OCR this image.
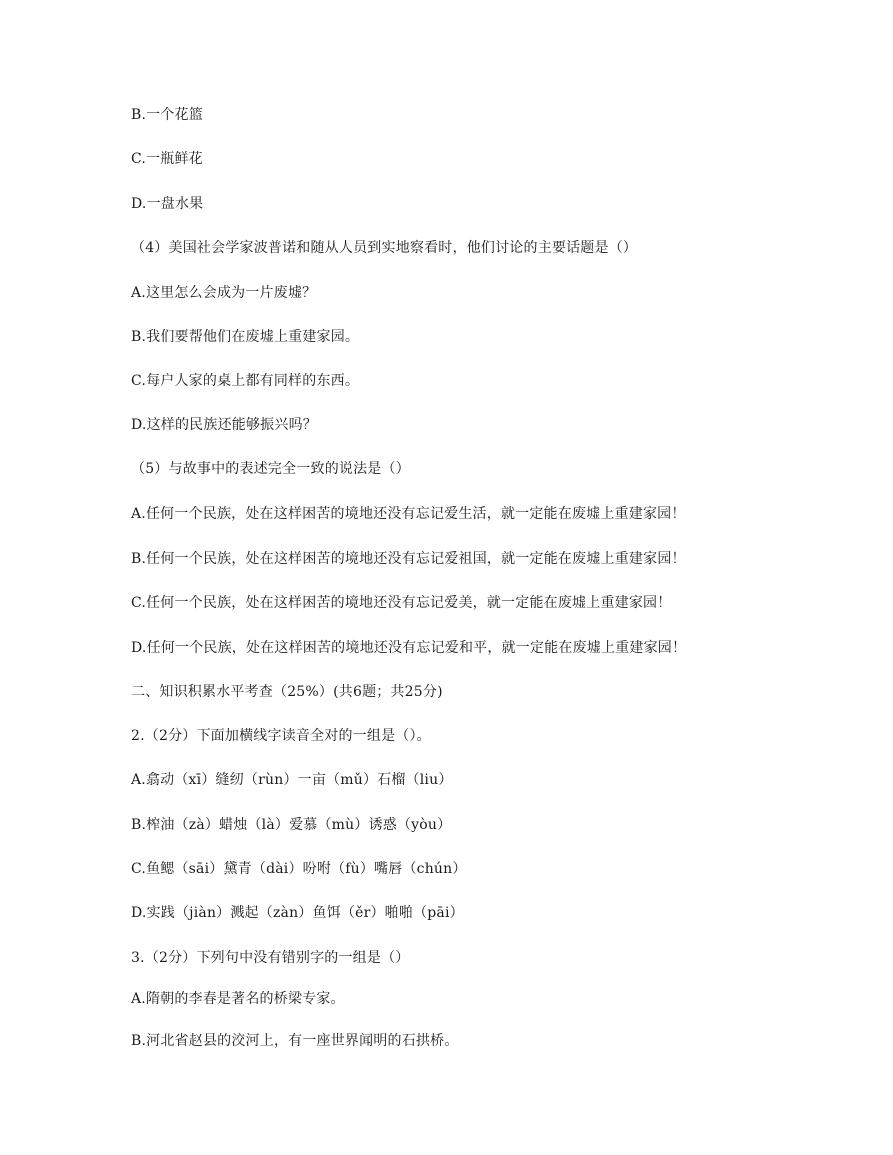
B.一个花篮
C.一瓶鲜花
D.一盘水果
（4）美国社会学家波普诺和随从人员到实地察看时，他们讨论的主要话题是（）
A.这里怎么会成为一片废墟？
B.我们要帮他们在废墟上重建家园。
C.每户人家的桌上都有同样的东西。
D.这样的民族还能够振兴吗？
（5）与故事中的表述完全一致的说法是（）
A.任何一个民族，处在这样困苦的境地还没有忘记爱生活，就一定能在废墟上重建家园！
B.任何一个民族，处在这样困苦的境地还没有忘记爱祖国，就一定能在废墟上重建家园！
C.任何一个民族，处在这样困苦的境地还没有忘记爱美，就一定能在废墟上重建家园！
D.任何一个民族，处在这样困苦的境地还没有忘记爱和平，就一定能在废墟上重建家园！
二、知识积累水平考查（25%）(共6题；共25分)
2.（2分）下面加横线字读音全对的一组是（）。
A.翕动（xī）缝纫（rùn）一亩（mǔ）石榴（liu）
B.榨油（zà）蜡烛（là）爱慕（mù）诱惑（yòu）
C.鱼鳃（sāi）黛青（dài）吩咐（fù）嘴唇（chún）
D.实践（jiàn）溅起（zàn）鱼饵（ěr）啪啪（pāi）
3.（2分）下列句中没有错别字的一组是（）
A.隋朝的李春是著名的桥梁专家。
B.河北省赵县的洨河上，有一座世界闻明的石拱桥。
